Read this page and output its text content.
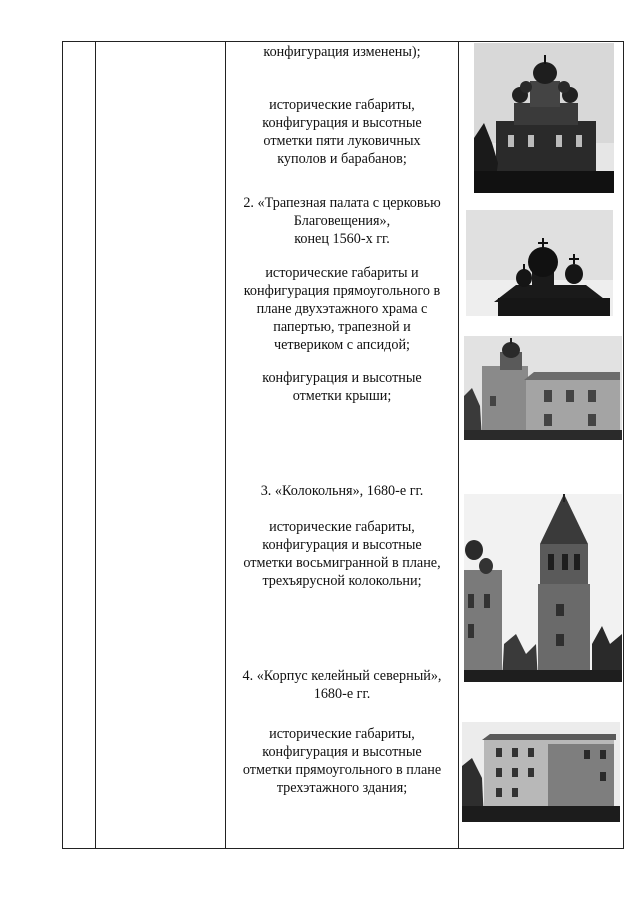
конфигурация изменены);
исторические габариты,
конфигурация и высотные
отметки пяти луковичных
куполов и барабанов;
2. «Трапезная палата с церковью
Благовещения»,
конец 1560-х гг.
исторические габариты и
конфигурация прямоугольного в
плане двухэтажного храма с
папертью, трапезной и
четвериком с апсидой;
конфигурация и высотные
отметки крыши;
3. «Колокольня», 1680-е гг.
исторические габариты,
конфигурация и высотные
отметки восьмигранной в плане,
трехъярусной колокольни;
4. «Корпус келейный северный»,
1680-е гг.
исторические габариты,
конфигурация и высотные
отметки прямоугольного в плане
трехэтажного здания;
